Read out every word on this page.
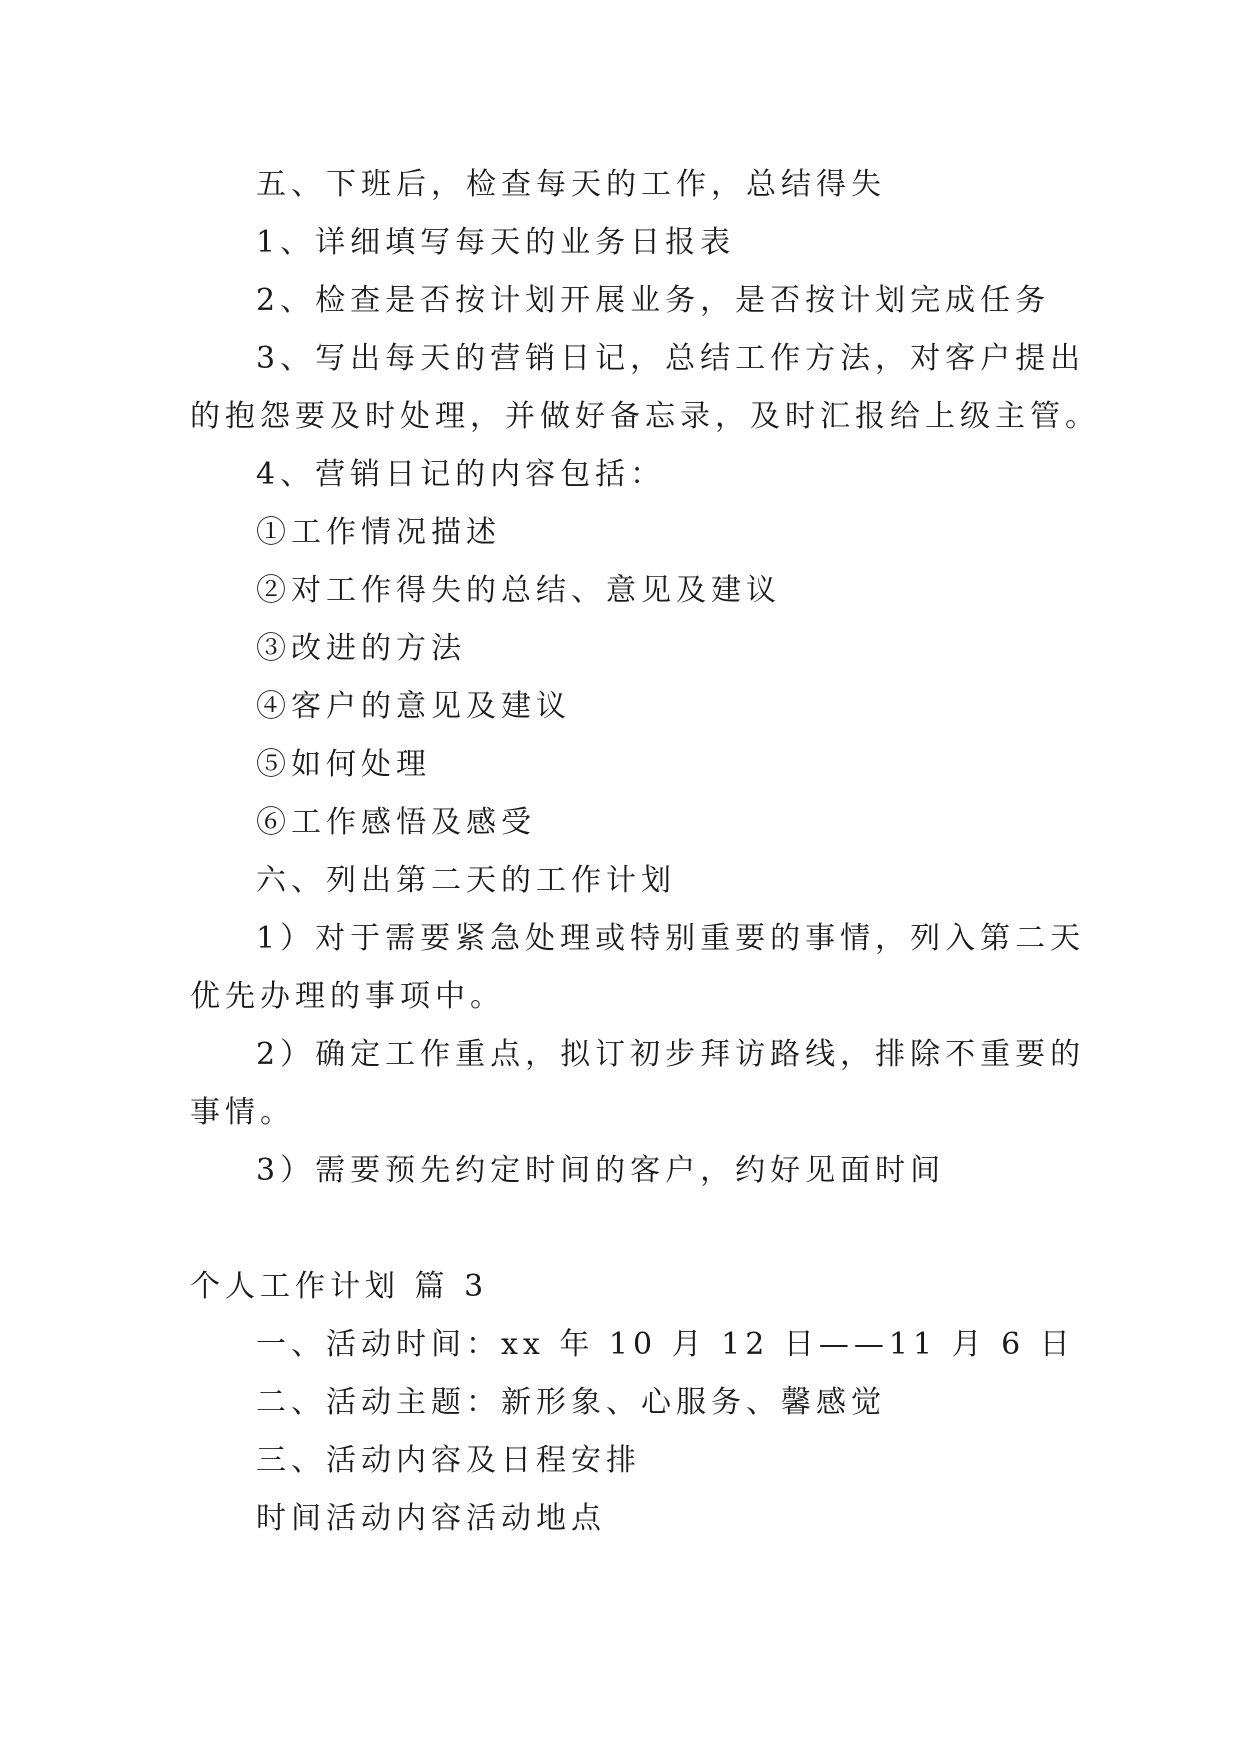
五、下班后，检查每天的工作，总结得失
1、详细填写每天的业务日报表
2、检查是否按计划开展业务，是否按计划完成任务
3、写出每天的营销日记，总结工作方法，对客户提出
的抱怨要及时处理，并做好备忘录，及时汇报给上级主管。
4、营销日记的内容包括：
①工作情况描述
②对工作得失的总结、意见及建议
③改进的方法
④客户的意见及建议
⑤如何处理
⑥工作感悟及感受
六、列出第二天的工作计划
1）对于需要紧急处理或特别重要的事情，列入第二天
优先办理的事项中。
2）确定工作重点，拟订初步拜访路线，排除不重要的
事情。
3）需要预先约定时间的客户，约好见面时间
个人工作计划 篇 3
一、活动时间：xx 年 10 月 12 日——11 月 6 日
二、活动主题：新形象、心服务、馨感觉
三、活动内容及日程安排
时间活动内容活动地点
